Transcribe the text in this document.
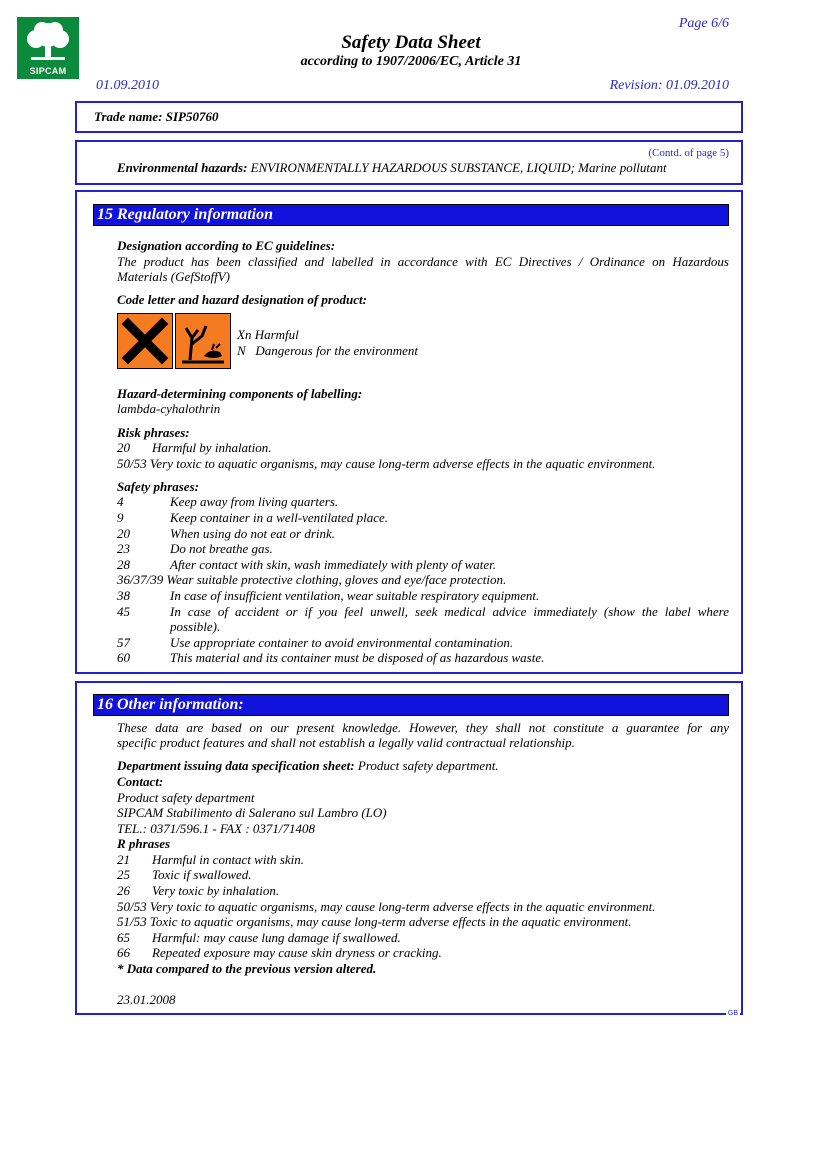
SIPCAM
Page 6/6
Safety Data Sheet
according to 1907/2006/EC, Article 31
01.09.2010	Revision: 01.09.2010
Trade name: SIP50760
(Contd. of page 5)
Environmental hazards: ENVIRONMENTALLY HAZARDOUS SUBSTANCE, LIQUID; Marine pollutant
15 Regulatory information
Designation according to EC guidelines:
The product has been classified and labelled in accordance with EC Directives / Ordinance on Hazardous
Materials (GefStoffV)
Code letter and hazard designation of product:
Xn Harmful
N   Dangerous for the environment
Hazard-determining components of labelling:
lambda-cyhalothrin
Risk phrases:
20 Harmful by inhalation.
50/53 Very toxic to aquatic organisms, may cause long-term adverse effects in the aquatic environment.
Safety phrases:
4	Keep away from living quarters.
9	Keep container in a well-ventilated place.
20	When using do not eat or drink.
23	Do not breathe gas.
28	After contact with skin, wash immediately with plenty of water.
36/37/39 Wear suitable protective clothing, gloves and eye/face protection.
38	In case of insufficient ventilation, wear suitable respiratory equipment.
45	In case of accident or if you feel unwell, seek medical advice immediately (show the label where
possible).
57	Use appropriate container to avoid environmental contamination.
60	This material and its container must be disposed of as hazardous waste.
16 Other information:
These data are based on our present knowledge. However, they shall not constitute a guarantee for any
specific product features and shall not establish a legally valid contractual relationship.
Department issuing data specification sheet: Product safety department.
Contact:
Product safety department
SIPCAM Stabilimento di Salerano sul Lambro (LO)
TEL.: 0371/596.1 - FAX : 0371/71408
R phrases
21 Harmful in contact with skin.
25 Toxic if swallowed.
26 Very toxic by inhalation.
50/53 Very toxic to aquatic organisms, may cause long-term adverse effects in the aquatic environment.
51/53 Toxic to aquatic organisms, may cause long-term adverse effects in the aquatic environment.
65 Harmful: may cause lung damage if swallowed.
66 Repeated exposure may cause skin dryness or cracking.
* Data compared to the previous version altered.
23.01.2008
GB
